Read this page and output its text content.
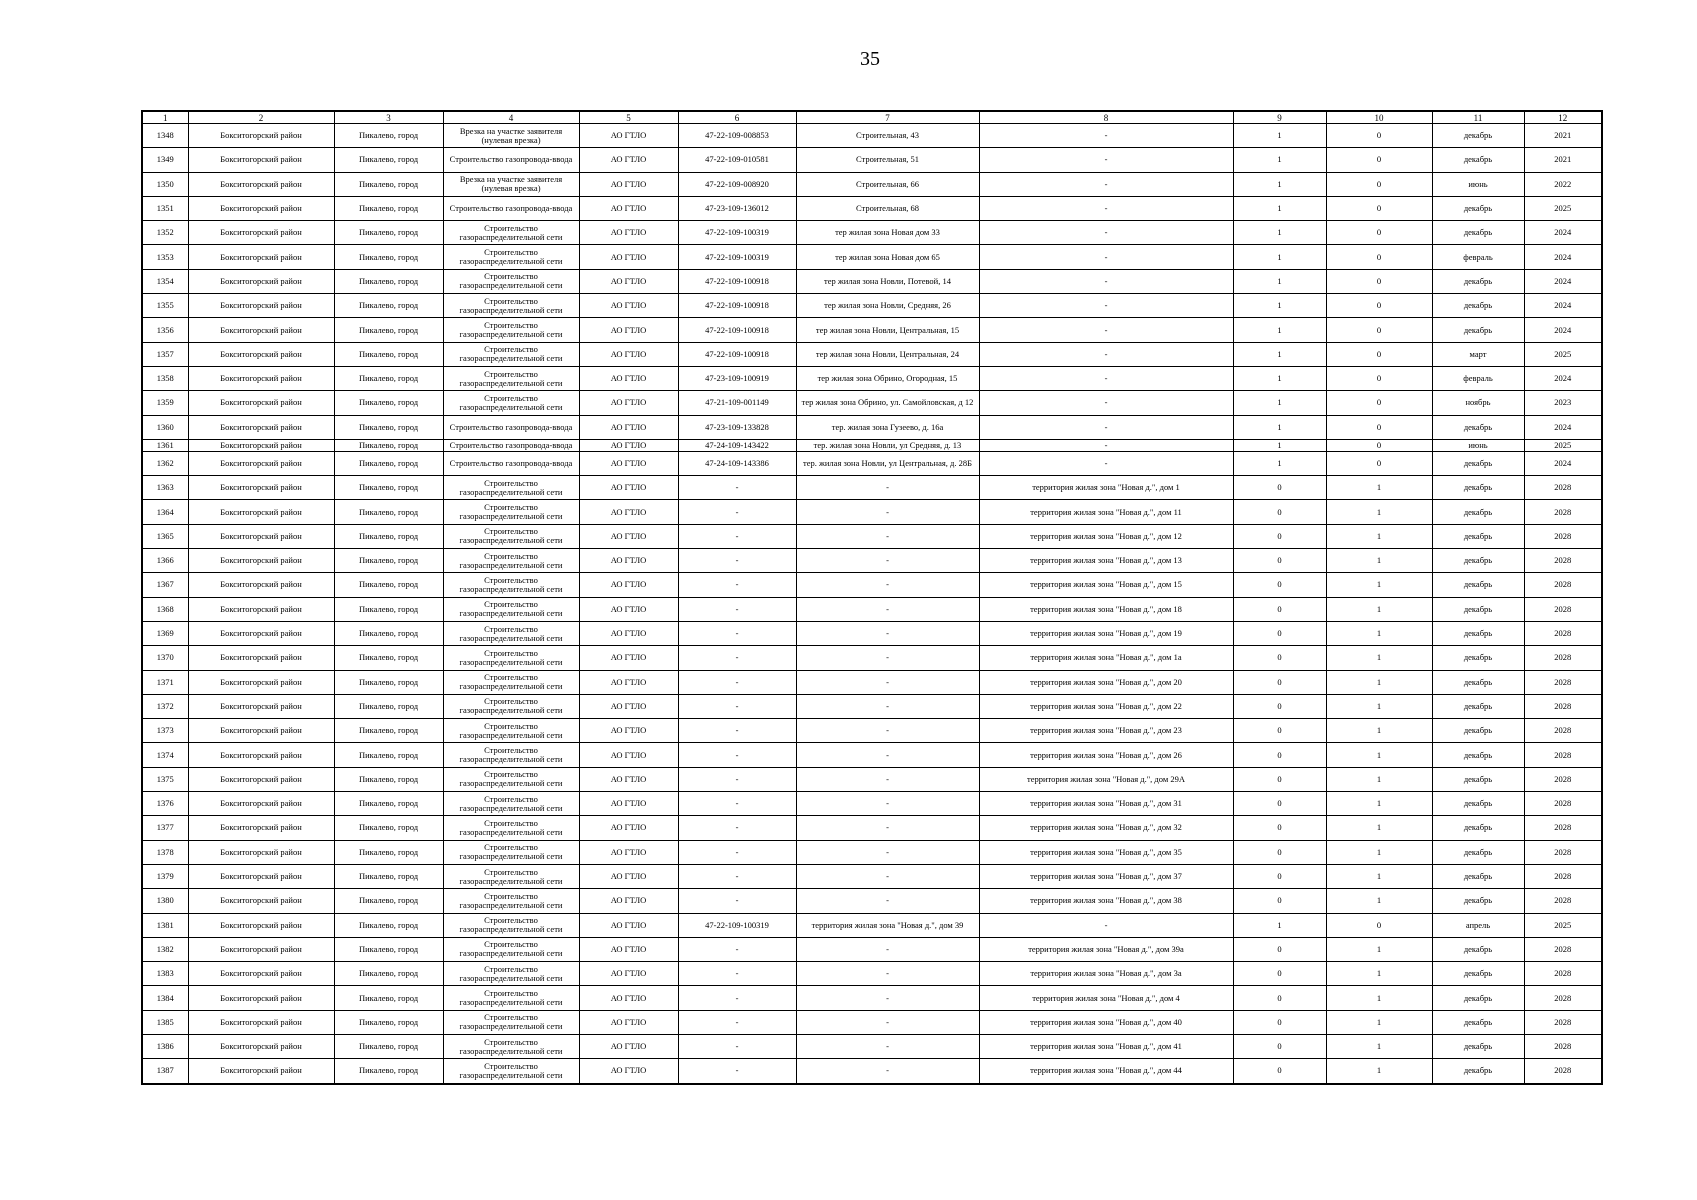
35
1	2	3	4	5	6	7	8	9	10	11	12
1348	Бокситогорский район	Пикалево, город	Врезка на участке заявителя (нулевая врезка)	АО ГТЛО	47-22-109-008853	Строительная, 43	-	1	0	декабрь	2021
1349	Бокситогорский район	Пикалево, город	Строительство газопровода-ввода	АО ГТЛО	47-22-109-010581	Строительная, 51	-	1	0	декабрь	2021
1350	Бокситогорский район	Пикалево, город	Врезка на участке заявителя (нулевая врезка)	АО ГТЛО	47-22-109-008920	Строительная, 66	-	1	0	июнь	2022
1351	Бокситогорский район	Пикалево, город	Строительство газопровода-ввода	АО ГТЛО	47-23-109-136012	Строительная, 68	-	1	0	декабрь	2025
1352	Бокситогорский район	Пикалево, город	Строительство газораспределительной сети	АО ГТЛО	47-22-109-100319	тер жилая зона Новая дом 33	-	1	0	декабрь	2024
1353	Бокситогорский район	Пикалево, город	Строительство газораспределительной сети	АО ГТЛО	47-22-109-100319	тер жилая зона Новая дом 65	-	1	0	февраль	2024
1354	Бокситогорский район	Пикалево, город	Строительство газораспределительной сети	АО ГТЛО	47-22-109-100918	тер жилая зона Новли, Потевой, 14	-	1	0	декабрь	2024
1355	Бокситогорский район	Пикалево, город	Строительство газораспределительной сети	АО ГТЛО	47-22-109-100918	тер жилая зона Новли, Средняя, 26	-	1	0	декабрь	2024
1356	Бокситогорский район	Пикалево, город	Строительство газораспределительной сети	АО ГТЛО	47-22-109-100918	тер жилая зона Новли, Центральная, 15	-	1	0	декабрь	2024
1357	Бокситогорский район	Пикалево, город	Строительство газораспределительной сети	АО ГТЛО	47-22-109-100918	тер жилая зона Новли, Центральная, 24	-	1	0	март	2025
1358	Бокситогорский район	Пикалево, город	Строительство газораспределительной сети	АО ГТЛО	47-23-109-100919	тер жилая зона Обрино, Огородная, 15	-	1	0	февраль	2024
1359	Бокситогорский район	Пикалево, город	Строительство газораспределительной сети	АО ГТЛО	47-21-109-001149	тер жилая зона Обрино, ул. Самойловская, д 12	-	1	0	ноябрь	2023
1360	Бокситогорский район	Пикалево, город	Строительство газопровода-ввода	АО ГТЛО	47-23-109-133828	тер. жилая зона Гузеево, д. 16а	-	1	0	декабрь	2024
1361	Бокситогорский район	Пикалево, город	Строительство газопровода-ввода	АО ГТЛО	47-24-109-143422	тер. жилая зона Новли, ул Средняя, д. 13	-	1	0	июнь	2025
1362	Бокситогорский район	Пикалево, город	Строительство газопровода-ввода	АО ГТЛО	47-24-109-143386	тер. жилая зона Новли, ул Центральная, д. 28Б	-	1	0	декабрь	2024
1363	Бокситогорский район	Пикалево, город	Строительство газораспределительной сети	АО ГТЛО	-	-	территория жилая зона "Новая д.", дом 1	0	1	декабрь	2028
1364	Бокситогорский район	Пикалево, город	Строительство газораспределительной сети	АО ГТЛО	-	-	территория жилая зона "Новая д.", дом 11	0	1	декабрь	2028
1365	Бокситогорский район	Пикалево, город	Строительство газораспределительной сети	АО ГТЛО	-	-	территория жилая зона "Новая д.", дом 12	0	1	декабрь	2028
1366	Бокситогорский район	Пикалево, город	Строительство газораспределительной сети	АО ГТЛО	-	-	территория жилая зона "Новая д.", дом 13	0	1	декабрь	2028
1367	Бокситогорский район	Пикалево, город	Строительство газораспределительной сети	АО ГТЛО	-	-	территория жилая зона "Новая д.", дом 15	0	1	декабрь	2028
1368	Бокситогорский район	Пикалево, город	Строительство газораспределительной сети	АО ГТЛО	-	-	территория жилая зона "Новая д.", дом 18	0	1	декабрь	2028
1369	Бокситогорский район	Пикалево, город	Строительство газораспределительной сети	АО ГТЛО	-	-	территория жилая зона "Новая д.", дом 19	0	1	декабрь	2028
1370	Бокситогорский район	Пикалево, город	Строительство газораспределительной сети	АО ГТЛО	-	-	территория жилая зона "Новая д.", дом 1а	0	1	декабрь	2028
1371	Бокситогорский район	Пикалево, город	Строительство газораспределительной сети	АО ГТЛО	-	-	территория жилая зона "Новая д.", дом 20	0	1	декабрь	2028
1372	Бокситогорский район	Пикалево, город	Строительство газораспределительной сети	АО ГТЛО	-	-	территория жилая зона "Новая д.", дом 22	0	1	декабрь	2028
1373	Бокситогорский район	Пикалево, город	Строительство газораспределительной сети	АО ГТЛО	-	-	территория жилая зона "Новая д.", дом 23	0	1	декабрь	2028
1374	Бокситогорский район	Пикалево, город	Строительство газораспределительной сети	АО ГТЛО	-	-	территория жилая зона "Новая д.", дом 26	0	1	декабрь	2028
1375	Бокситогорский район	Пикалево, город	Строительство газораспределительной сети	АО ГТЛО	-	-	территория жилая зона "Новая д.", дом 29А	0	1	декабрь	2028
1376	Бокситогорский район	Пикалево, город	Строительство газораспределительной сети	АО ГТЛО	-	-	территория жилая зона "Новая д.", дом 31	0	1	декабрь	2028
1377	Бокситогорский район	Пикалево, город	Строительство газораспределительной сети	АО ГТЛО	-	-	территория жилая зона "Новая д.", дом 32	0	1	декабрь	2028
1378	Бокситогорский район	Пикалево, город	Строительство газораспределительной сети	АО ГТЛО	-	-	территория жилая зона "Новая д.", дом 35	0	1	декабрь	2028
1379	Бокситогорский район	Пикалево, город	Строительство газораспределительной сети	АО ГТЛО	-	-	территория жилая зона "Новая д.", дом 37	0	1	декабрь	2028
1380	Бокситогорский район	Пикалево, город	Строительство газораспределительной сети	АО ГТЛО	-	-	территория жилая зона "Новая д.", дом 38	0	1	декабрь	2028
1381	Бокситогорский район	Пикалево, город	Строительство газораспределительной сети	АО ГТЛО	47-22-109-100319	территория жилая зона "Новая д.", дом 39	-	1	0	апрель	2025
1382	Бокситогорский район	Пикалево, город	Строительство газораспределительной сети	АО ГТЛО	-	-	территория жилая зона "Новая д.", дом 39а	0	1	декабрь	2028
1383	Бокситогорский район	Пикалево, город	Строительство газораспределительной сети	АО ГТЛО	-	-	территория жилая зона "Новая д.", дом 3а	0	1	декабрь	2028
1384	Бокситогорский район	Пикалево, город	Строительство газораспределительной сети	АО ГТЛО	-	-	территория жилая зона "Новая д.", дом 4	0	1	декабрь	2028
1385	Бокситогорский район	Пикалево, город	Строительство газораспределительной сети	АО ГТЛО	-	-	территория жилая зона "Новая д.", дом 40	0	1	декабрь	2028
1386	Бокситогорский район	Пикалево, город	Строительство газораспределительной сети	АО ГТЛО	-	-	территория жилая зона "Новая д.", дом 41	0	1	декабрь	2028
1387	Бокситогорский район	Пикалево, город	Строительство газораспределительной сети	АО ГТЛО	-	-	территория жилая зона "Новая д.", дом 44	0	1	декабрь	2028
